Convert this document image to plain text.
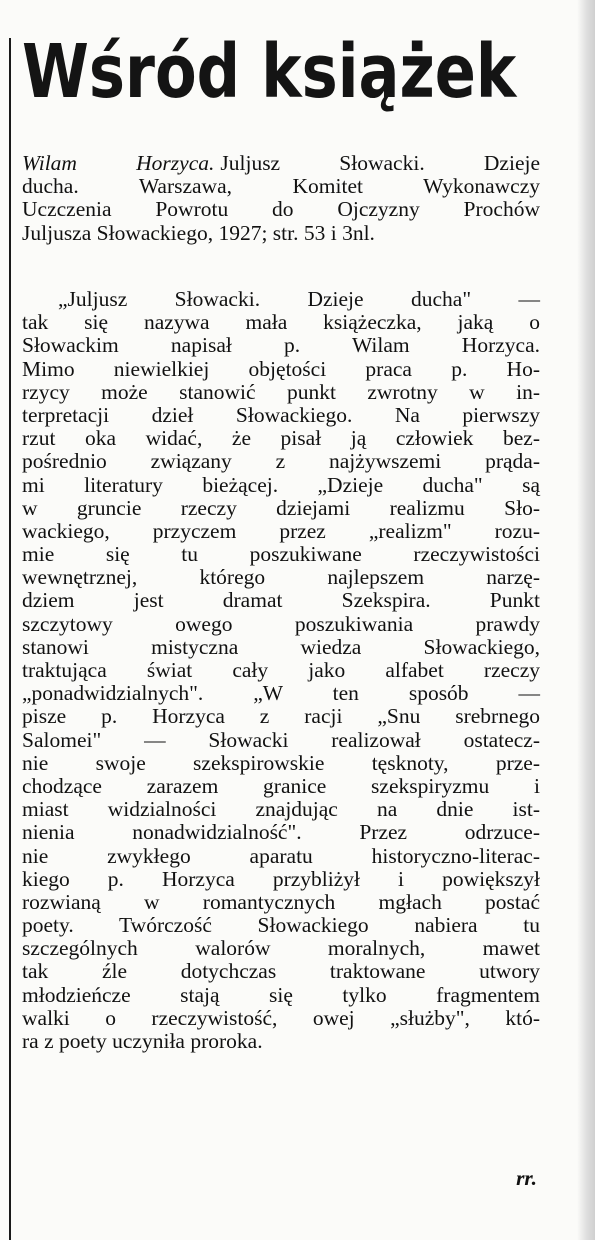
Wśród książek
Wilam Horzyca. Juljusz Słowacki. Dzieje
ducha. Warszawa, Komitet Wykonawczy
Uczczenia Powrotu do Ojczyzny Prochów
Juljusza Słowackiego, 1927; str. 53 i 3nl.
„Juljusz Słowacki. Dzieje ducha" —
tak się nazywa mała książeczka, jaką o
Słowackim napisał p. Wilam Horzyca.
Mimo niewielkiej objętości praca p. Ho-
rzycy może stanowić punkt zwrotny w in-
terpretacji dzieł Słowackiego. Na pierwszy
rzut oka widać, że pisał ją człowiek bez-
pośrednio związany z najżywszemi prąda-
mi literatury bieżącej. „Dzieje ducha" są
w gruncie rzeczy dziejami realizmu Sło-
wackiego, przyczem przez „realizm" rozu-
mie się tu poszukiwane rzeczywistości
wewnętrznej, którego najlepszem narzę-
dziem jest dramat Szekspira. Punkt
szczytowy owego poszukiwania prawdy
stanowi mistyczna wiedza Słowackiego,
traktująca świat cały jako alfabet rzeczy
„ponadwidzialnych". „W ten sposób —
pisze p. Horzyca z racji „Snu srebrnego
Salomei" — Słowacki realizował ostatecz-
nie swoje szekspirowskie tęsknoty, prze-
chodzące zarazem granice szekspiryzmu i
miast widzialności znajdując na dnie ist-
nienia nonadwidzialność". Przez odrzuce-
nie zwykłego aparatu historyczno-literac-
kiego p. Horzyca przybliżył i powiększył
rozwianą w romantycznych mgłach postać
poety. Twórczość Słowackiego nabiera tu
szczególnych walorów moralnych, mawet
tak źle dotychczas traktowane utwory
młodzieńcze stają się tylko fragmentem
walki o rzeczywistość, owej „służby", któ-
ra z poety uczyniła proroka.
rr.
